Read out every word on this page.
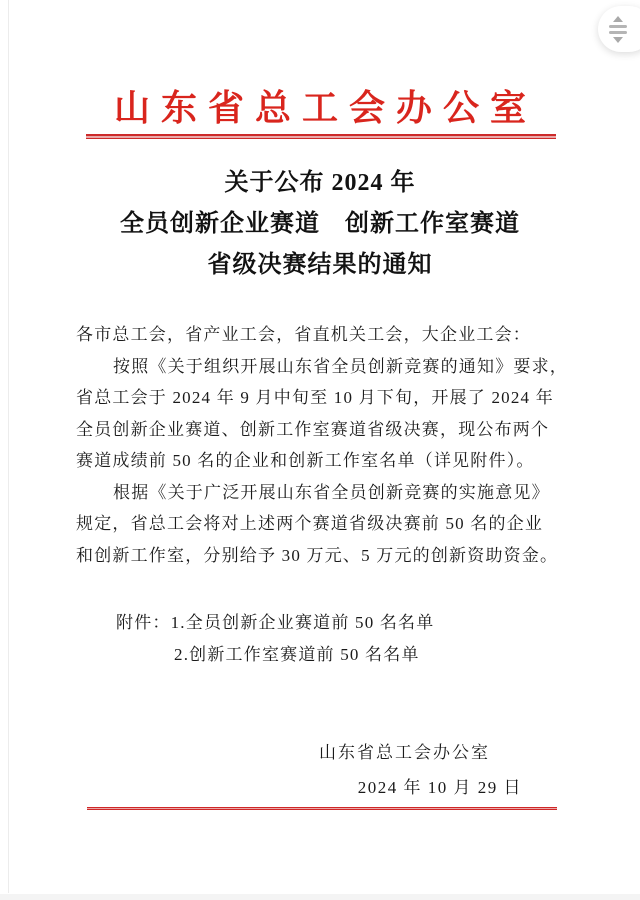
山东省总工会办公室
关于公布 2024 年
全员创新企业赛道　创新工作室赛道
省级决赛结果的通知
各市总工会，省产业工会，省直机关工会，大企业工会：
按照《关于组织开展山东省全员创新竞赛的通知》要求，
省总工会于 2024 年 9 月中旬至 10 月下旬，开展了 2024 年
全员创新企业赛道、创新工作室赛道省级决赛，现公布两个
赛道成绩前 50 名的企业和创新工作室名单（详见附件）。
根据《关于广泛开展山东省全员创新竞赛的实施意见》
规定，省总工会将对上述两个赛道省级决赛前 50 名的企业
和创新工作室，分别给予 30 万元、5 万元的创新资助资金。
附件：1.全员创新企业赛道前 50 名名单
2.创新工作室赛道前 50 名名单
山东省总工会办公室
2024 年 10 月 29 日
